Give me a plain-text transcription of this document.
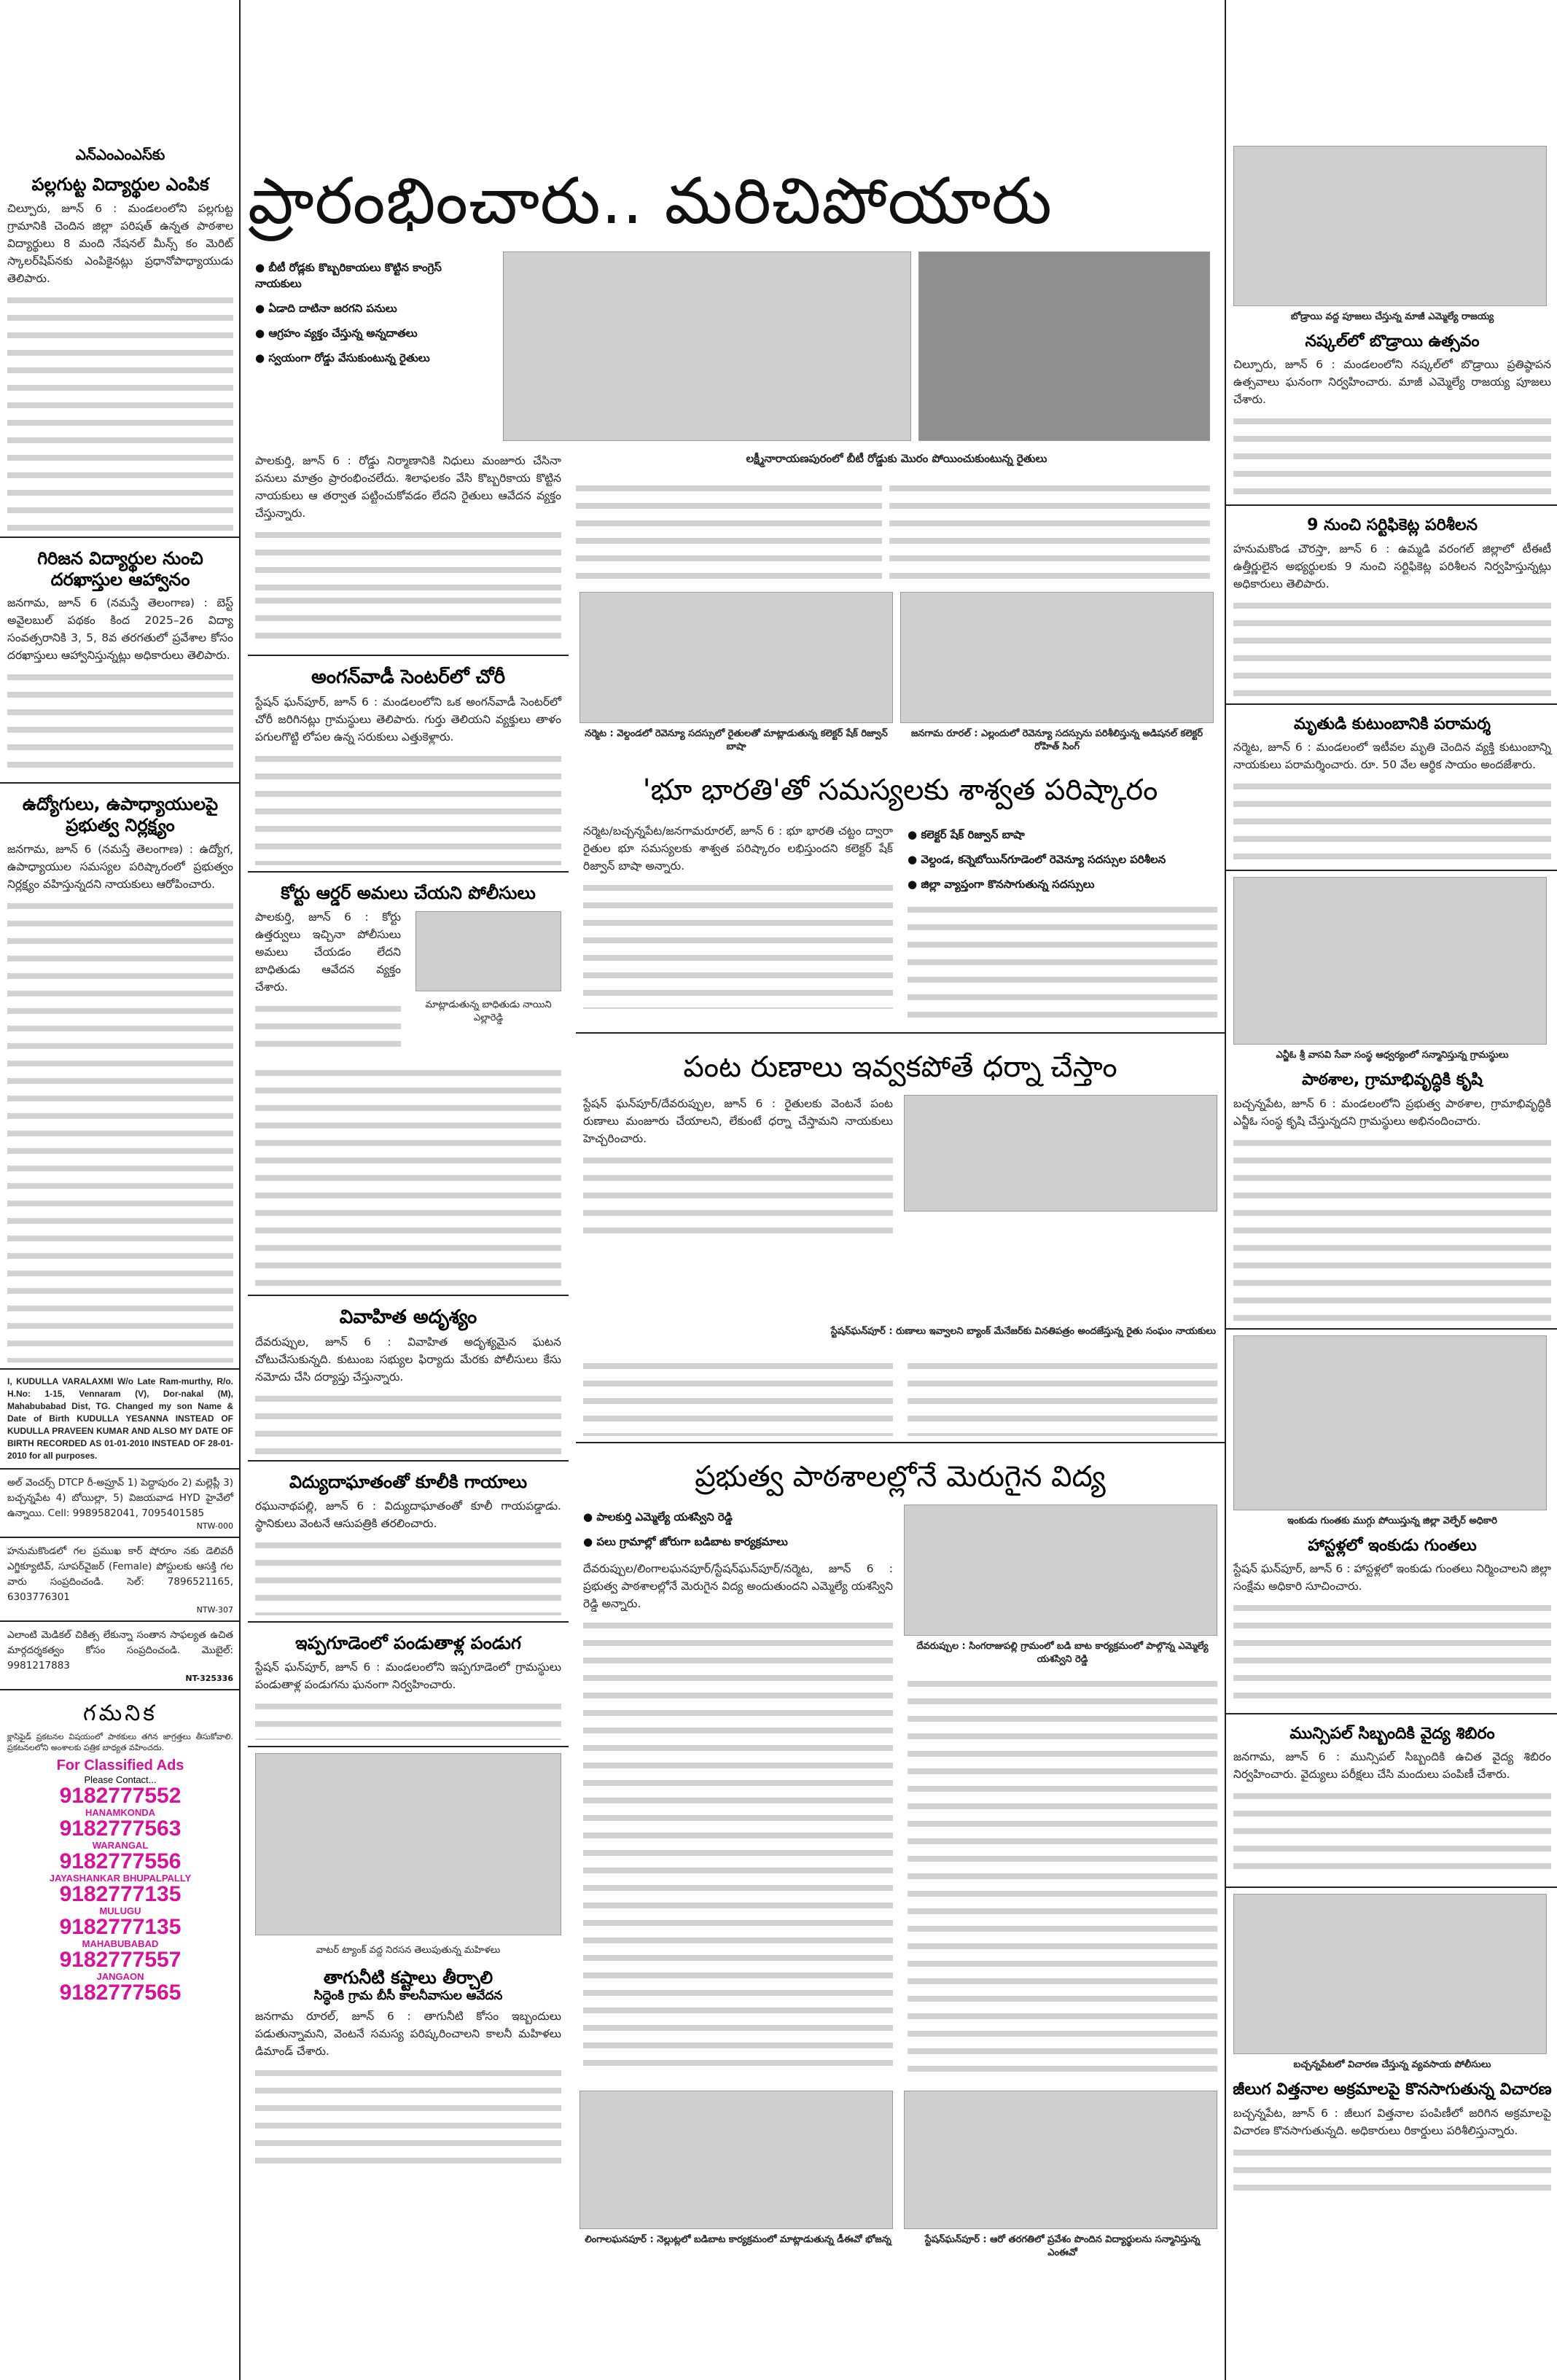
ఎన్ఎంఎంఎస్‌కు
పల్లగుట్ట విద్యార్థుల ఎంపిక
చిల్పూరు, జూన్ 6 : మండలంలోని పల్లగుట్ట గ్రామానికి చెందిన జిల్లా పరిషత్ ఉన్నత పాఠశాల విద్యార్థులు 8 మంది నేషనల్ మీన్స్ కం మెరిట్ స్కాలర్‌షిప్‌నకు ఎంపికైనట్లు ప్రధానోపాధ్యాయుడు తెలిపారు.
గిరిజన విద్యార్థుల నుంచి దరఖాస్తుల ఆహ్వానం
జనగామ, జూన్ 6 (నమస్తే తెలంగాణ) : బెస్ట్ అవైలబుల్ పథకం కింద 2025–26 విద్యా సంవత్సరానికి 3, 5, 8వ తరగతులో ప్రవేశాల కోసం దరఖాస్తులు ఆహ్వానిస్తున్నట్లు అధికారులు తెలిపారు.
ఉద్యోగులు, ఉపాధ్యాయులపై ప్రభుత్వ నిర్లక్ష్యం
జనగామ, జూన్ 6 (నమస్తే తెలంగాణ) : ఉద్యోగ, ఉపాధ్యాయుల సమస్యల పరిష్కారంలో ప్రభుత్వం నిర్లక్ష్యం వహిస్తున్నదని నాయకులు ఆరోపించారు.
I, KUDULLA VARALAXMI W/o Late Ram-murthy, R/o. H.No: 1-15, Vennaram (V), Dor-nakal (M), Mahabubabad Dist, TG. Changed my son Name & Date of Birth KUDULLA YESANNA INSTEAD OF KUDULLA PRAVEEN KUMAR AND ALSO MY DATE OF BIRTH RECORDED AS 01-01-2010 INSTEAD OF 28-01-2010 for all purposes.
అల్ వెంచర్స్ DTCP రీ-అప్రూవ్ 1) పెద్దాపురం 2) మల్లెప్లీ 3) బచ్చన్నపేట 4) బోయిల్లా, 5) విజయవాడ HYD హైవేలో ఉన్నాయి. Cell: 9989582041, 7095401585
NTW-000
హనుమకొండలో గల ప్రముఖ కార్ షోరూం నకు డెలివరీ ఎగ్జిక్యూటివ్, సూపర్‌వైజర్ (Female) పోస్టులకు ఆసక్తి గల వారు సంప్రదించండి. సెల్: 7896521165, 6303776301
NTW-307
ఎలాంటి మెడికల్ చికిత్స లేకున్నా సంతాన సాఫల్యత ఉచిత మార్గదర్శకత్వం కోసం సంప్రదించండి. మొబైల్: 9981217883
NT-325336
గమనిక
క్లాసిఫైడ్ ప్రకటనల విషయంలో పాఠకులు తగిన జాగ్రత్తలు తీసుకోవాలి. ప్రకటనలలోని అంశాలకు పత్రిక బాధ్యత వహించదు.
For Classified Ads
Please Contact...
9182777552
HANAMKONDA
9182777563
WARANGAL
9182777556
JAYASHANKAR BHUPALPALLY
9182777135
MULUGU
9182777135
MAHABUBABAD
9182777557
JANGAON
9182777565
ప్రారంభించారు.. మరిచిపోయారు
● బీటీ రోడ్లకు కొబ్బరికాయలు కొట్టిన కాంగ్రెస్ నాయకులు
● ఏడాది దాటినా జరగని పనులు
● ఆగ్రహం వ్యక్తం చేస్తున్న అన్నదాతలు
● స్వయంగా రోడ్డు వేసుకుంటున్న రైతులు
పాలకుర్తి, జూన్ 6 : రోడ్డు నిర్మాణానికి నిధులు మంజూరు చేసినా పనులు మాత్రం ప్రారంభించలేదు. శిలాఫలకం వేసి కొబ్బరికాయ కొట్టిన నాయకులు ఆ తర్వాత పట్టించుకోవడం లేదని రైతులు ఆవేదన వ్యక్తం చేస్తున్నారు.
లక్ష్మీనారాయణపురంలో బీటీ రోడ్డుకు మొరం పోయించుకుంటున్న రైతులు
అంగన్‌వాడీ సెంటర్‌లో చోరీ
స్టేషన్ ఘన్‌పూర్, జూన్ 6 : మండలంలోని ఒక అంగన్‌వాడీ సెంటర్‌లో చోరీ జరిగినట్లు గ్రామస్థులు తెలిపారు. గుర్తు తెలియని వ్యక్తులు తాళం పగులగొట్టి లోపల ఉన్న సరుకులు ఎత్తుకెళ్లారు.
కోర్టు ఆర్డర్ అమలు చేయని పోలీసులు
పాలకుర్తి, జూన్ 6 : కోర్టు ఉత్తర్వులు ఇచ్చినా పోలీసులు అమలు చేయడం లేదని బాధితుడు ఆవేదన వ్యక్తం చేశారు.
మాట్లాడుతున్న బాధితుడు నాయిని ఎల్లారెడ్డి
వివాహిత అదృశ్యం
దేవరుప్పుల, జూన్ 6 : వివాహిత అదృశ్యమైన ఘటన చోటుచేసుకున్నది. కుటుంబ సభ్యుల ఫిర్యాదు మేరకు పోలీసులు కేసు నమోదు చేసి దర్యాప్తు చేస్తున్నారు.
విద్యుదాఘాతంతో కూలీకి గాయాలు
రఘునాథపల్లి, జూన్ 6 : విద్యుదాఘాతంతో కూలీ గాయపడ్డాడు. స్థానికులు వెంటనే ఆసుపత్రికి తరలించారు.
ఇప్పగూడెంలో పండుతాళ్ల పండుగ
స్టేషన్ ఘన్‌పూర్, జూన్ 6 : మండలంలోని ఇప్పగూడెంలో గ్రామస్థులు పండుతాళ్ల పండుగను ఘనంగా నిర్వహించారు.
వాటర్ ట్యాంక్ వద్ద నిరసన తెలుపుతున్న మహిళలు
తాగునీటి కష్టాలు తీర్చాలి
సిద్ధెంకి గ్రామ బీసీ కాలనీవాసుల ఆవేదన
జనగామ రూరల్, జూన్ 6 : తాగునీటి కోసం ఇబ్బందులు పడుతున్నామని, వెంటనే సమస్య పరిష్కరించాలని కాలనీ మహిళలు డిమాండ్ చేశారు.
నర్మెట : వెల్దండలో రెవెన్యూ సదస్సులో రైతులతో మాట్లాడుతున్న కలెక్టర్ షేక్ రిజ్వాన్ బాషా
జనగామ రూరల్ : ఎల్లందులో రెవెన్యూ సదస్సును పరిశీలిస్తున్న అడిషనల్ కలెక్టర్ రోహిత్ సింగ్
'భూ భారతి'తో సమస్యలకు శాశ్వత పరిష్కారం
నర్మెట/బచ్చన్నపేట/జనగామరూరల్, జూన్ 6 : భూ భారతి చట్టం ద్వారా రైతుల భూ సమస్యలకు శాశ్వత పరిష్కారం లభిస్తుందని కలెక్టర్ షేక్ రిజ్వాన్ బాషా అన్నారు.
● కలెక్టర్ షేక్ రిజ్వాన్ బాషా
● వెల్దండ, కన్నెబోయిన్‌గూడెంలో రెవెన్యూ సదస్సుల పరిశీలన
● జిల్లా వ్యాప్తంగా కొనసాగుతున్న సదస్సులు
పంట రుణాలు ఇవ్వకపోతే ధర్నా చేస్తాం
స్టేషన్ ఘన్‌పూర్/దేవరుప్పుల, జూన్ 6 : రైతులకు వెంటనే పంట రుణాలు మంజూరు చేయాలని, లేకుంటే ధర్నా చేస్తామని నాయకులు హెచ్చరించారు.
స్టేషన్‌ఘన్‌పూర్ : రుణాలు ఇవ్వాలని బ్యాంక్ మేనేజర్‌కు వినతిపత్రం అందజేస్తున్న రైతు సంఘం నాయకులు
ప్రభుత్వ పాఠశాలల్లోనే మెరుగైన విద్య
● పాలకుర్తి ఎమ్మెల్యే యశస్విని రెడ్డి
● పలు గ్రామాల్లో జోరుగా బడిబాట కార్యక్రమాలు
దేవరుప్పుల/లింగాలఘనపూర్/స్టేషన్‌ఘన్‌పూర్/నర్మెట, జూన్ 6 : ప్రభుత్వ పాఠశాలల్లోనే మెరుగైన విద్య అందుతుందని ఎమ్మెల్యే యశస్విని రెడ్డి అన్నారు.
దేవరుప్పుల : సింగరాజుపల్లి గ్రామంలో బడి బాట కార్యక్రమంలో పాల్గొన్న ఎమ్మెల్యే యశస్విని రెడ్డి
లింగాలఘనపూర్ : నెల్లుట్లలో బడిబాట కార్యక్రమంలో మాట్లాడుతున్న డీఈవో భోజన్న	స్టేషన్‌ఘన్‌పూర్ : ఆరో తరగతిలో ప్రవేశం పొందిన విద్యార్థులను సన్మానిస్తున్న ఎంఈవో
బోడ్రాయి వద్ద పూజలు చేస్తున్న మాజీ ఎమ్మెల్యే రాజయ్య
నష్కల్‌లో బొడ్రాయి ఉత్సవం
చిల్పూరు, జూన్ 6 : మండలంలోని నష్కల్‌లో బొడ్రాయి ప్రతిష్ఠాపన ఉత్సవాలు ఘనంగా నిర్వహించారు. మాజీ ఎమ్మెల్యే రాజయ్య పూజలు చేశారు.
9 నుంచి సర్టిఫికెట్ల పరిశీలన
హనుమకొండ చౌరస్తా, జూన్ 6 : ఉమ్మడి వరంగల్ జిల్లాలో టీఈటీ ఉత్తీర్ణులైన అభ్యర్థులకు 9 నుంచి సర్టిఫికెట్ల పరిశీలన నిర్వహిస్తున్నట్లు అధికారులు తెలిపారు.
మృతుడి కుటుంబానికి పరామర్శ
నర్మెట, జూన్ 6 : మండలంలో ఇటీవల మృతి చెందిన వ్యక్తి కుటుంబాన్ని నాయకులు పరామర్శించారు. రూ. 50 వేల ఆర్థిక సాయం అందజేశారు.
ఎన్జీఓ శ్రీ వాసవి సేవా సంస్థ ఆధ్వర్యంలో సన్మానిస్తున్న గ్రామస్థులు
పాఠశాల, గ్రామాభివృద్ధికి కృషి
బచ్చన్నపేట, జూన్ 6 : మండలంలోని ప్రభుత్వ పాఠశాల, గ్రామాభివృద్ధికి ఎన్జీఓ సంస్థ కృషి చేస్తున్నదని గ్రామస్థులు అభినందించారు.
ఇంకుడు గుంతకు ముగ్గు పోయిస్తున్న జిల్లా వెల్ఫేర్ అధికారి
హాస్టళ్లలో ఇంకుడు గుంతలు
స్టేషన్ ఘన్‌పూర్, జూన్ 6 : హాస్టళ్లలో ఇంకుడు గుంతలు నిర్మించాలని జిల్లా సంక్షేమ అధికారి సూచించారు.
మున్సిపల్ సిబ్బందికి వైద్య శిబిరం
జనగామ, జూన్ 6 : మున్సిపల్ సిబ్బందికి ఉచిత వైద్య శిబిరం నిర్వహించారు. వైద్యులు పరీక్షలు చేసి మందులు పంపిణీ చేశారు.
బచ్చన్నపేటలో విచారణ చేస్తున్న వ్యవసాయ పోలీసులు
జీలుగ విత్తనాల అక్రమాలపై కొనసాగుతున్న విచారణ
బచ్చన్నపేట, జూన్ 6 : జీలుగ విత్తనాల పంపిణీలో జరిగిన అక్రమాలపై విచారణ కొనసాగుతున్నది. అధికారులు రికార్డులు పరిశీలిస్తున్నారు.
